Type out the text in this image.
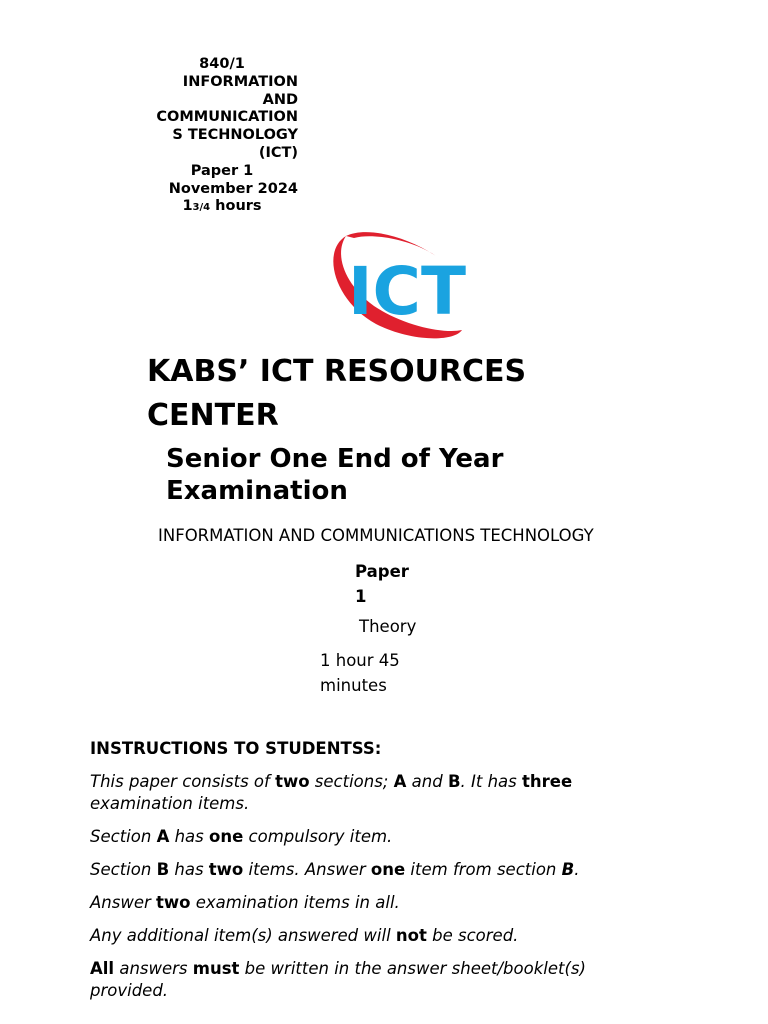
840/1
INFORMATION
AND
COMMUNICATION
S TECHNOLOGY
(ICT)
Paper 1
November 2024
13/4 hours
ICT
KABS’ ICT RESOURCES
CENTER
Senior One End of Year
Examination
INFORMATION AND COMMUNICATIONS TECHNOLOGY
Paper
1
Theory
1 hour 45
minutes
INSTRUCTIONS TO STUDENTSS:

This paper consists of two sections; A and B. It has three examination items.

Section A has one compulsory item.

Section B has two items. Answer one item from section B.

Answer two examination items in all.

Any additional item(s) answered will not be scored.

All answers must be written in the answer sheet/booklet(s) provided.
